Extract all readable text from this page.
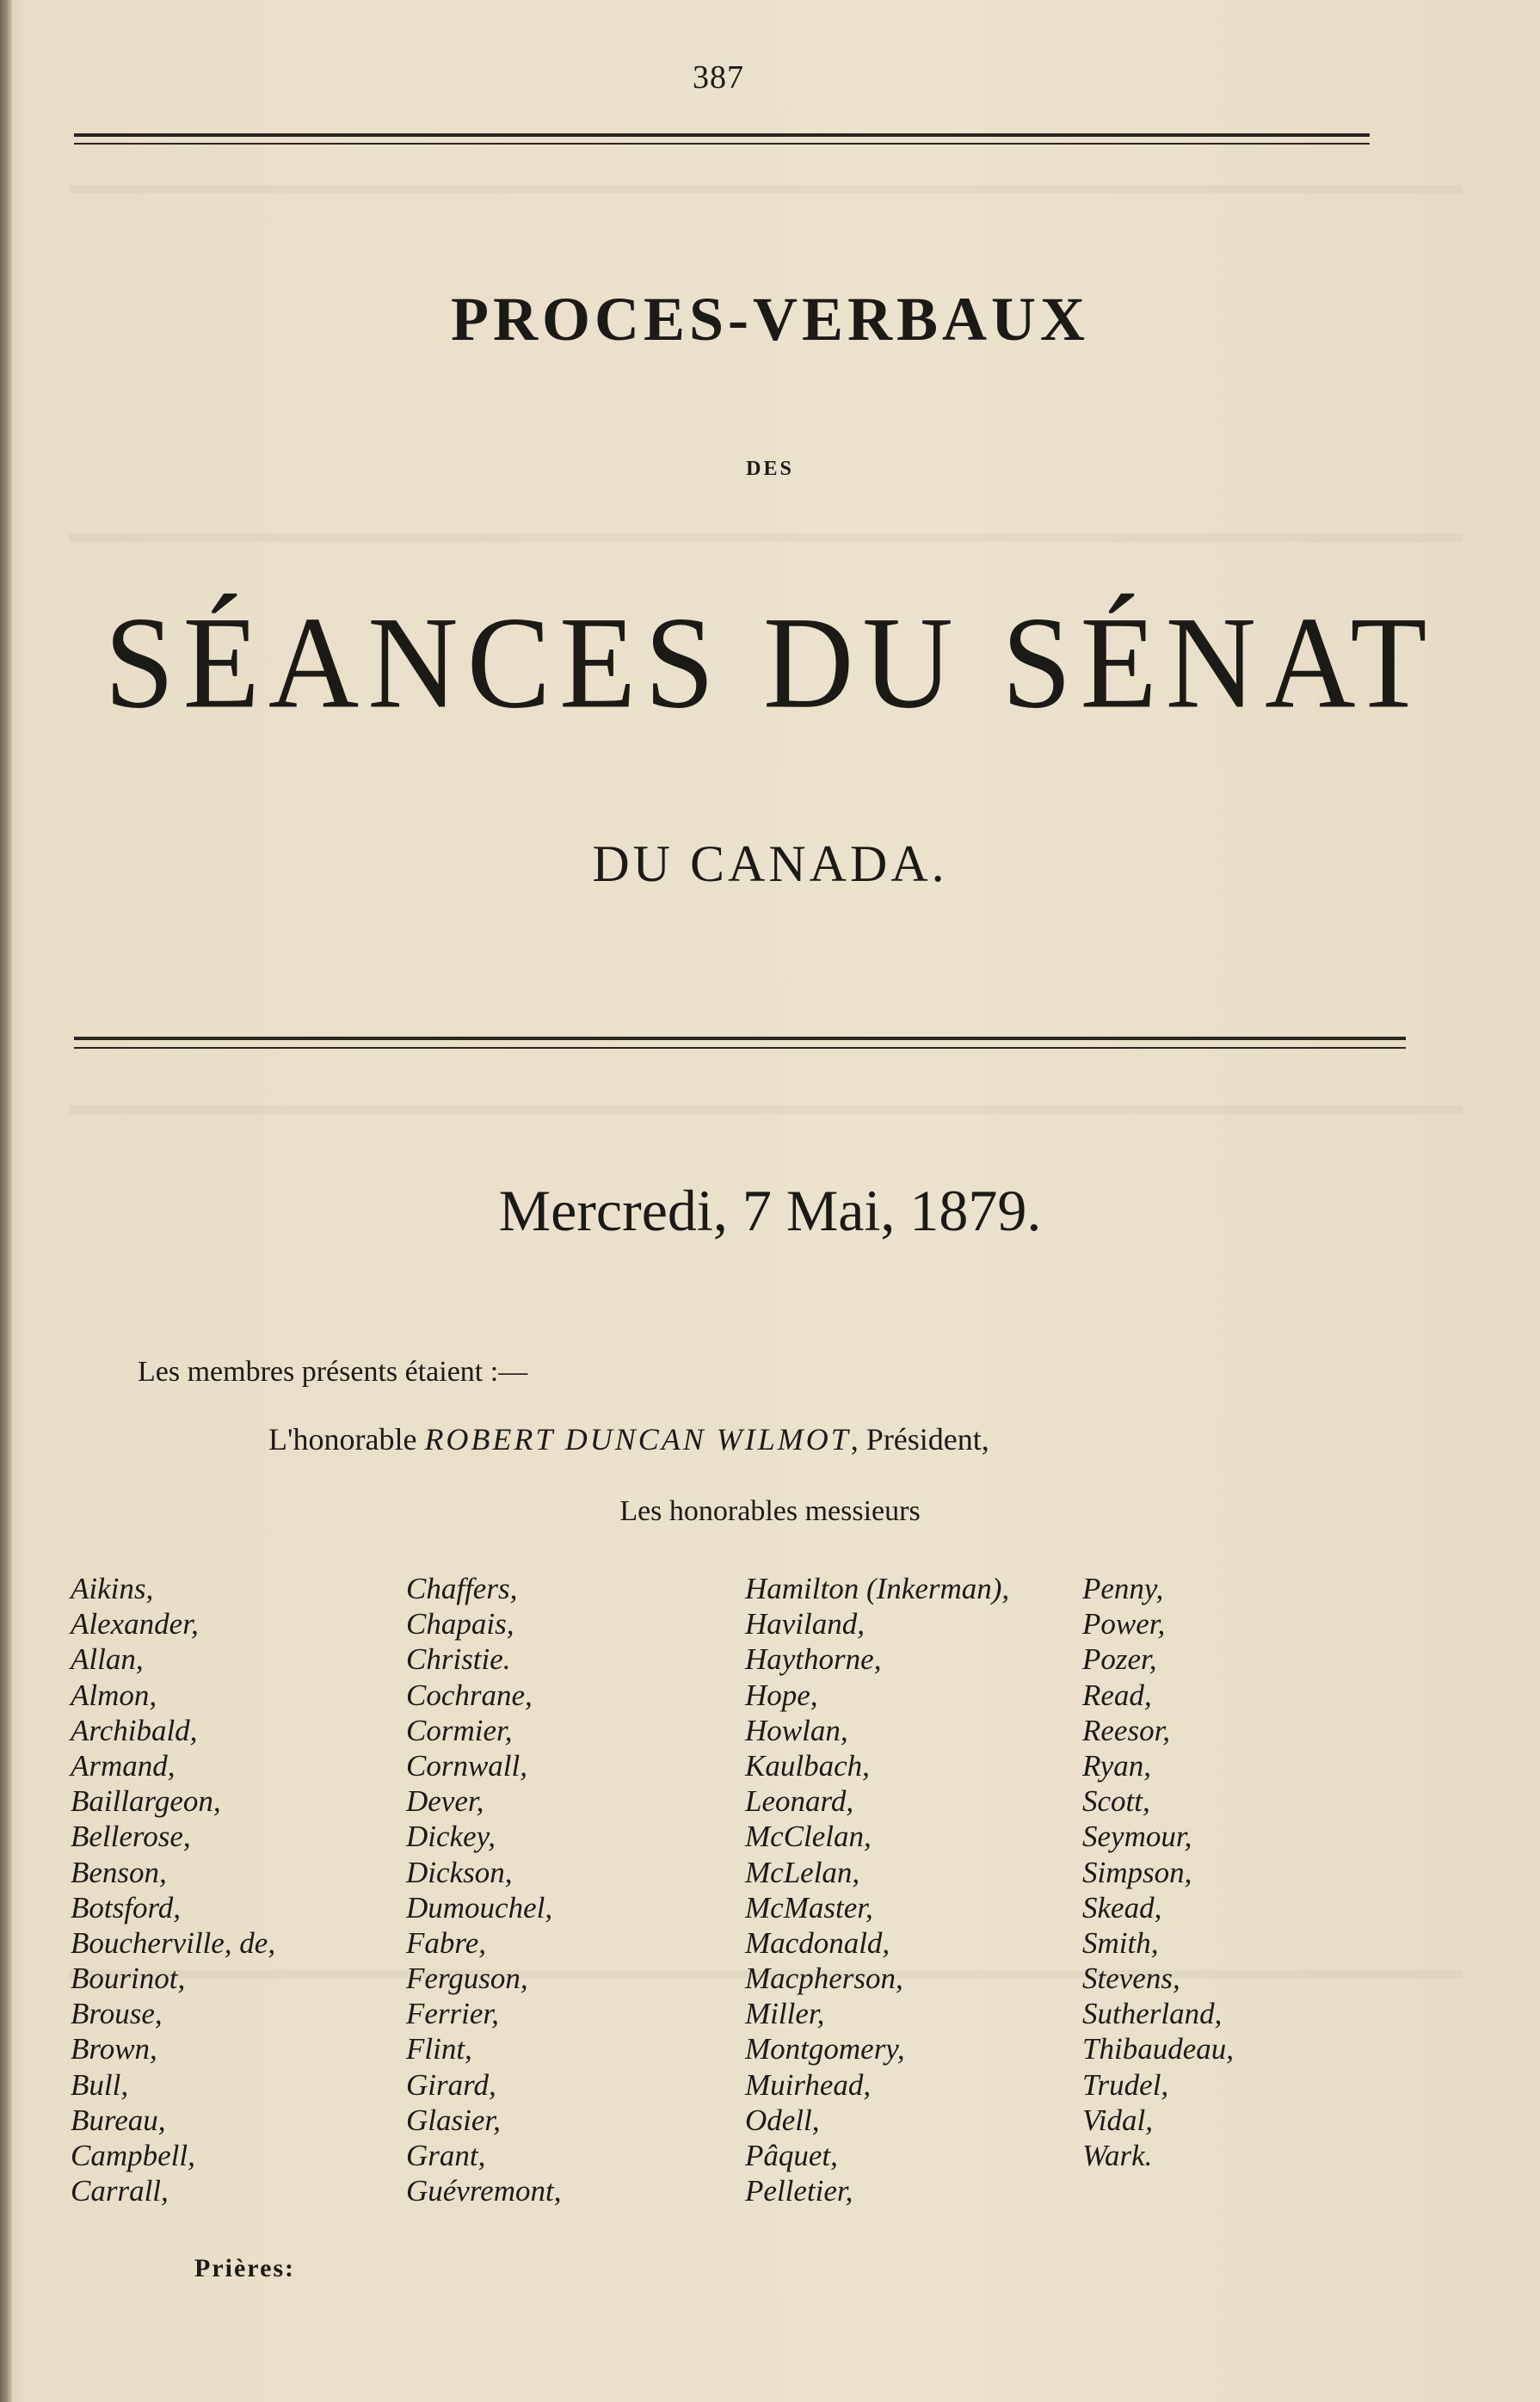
387
PROCES-VERBAUX
DES
SÉANCES DU SÉNAT
DU CANADA.
Mercredi, 7 Mai, 1879.
Les membres présents étaient :—
L'honorable ROBERT DUNCAN WILMOT, Président,
Les honorables messieurs
Aikins,
Alexander,
Allan,
Almon,
Archibald,
Armand,
Baillargeon,
Bellerose,
Benson,
Botsford,
Boucherville, de,
Bourinot,
Brouse,
Brown,
Bull,
Bureau,
Campbell,
Carrall,
Chaffers,
Chapais,
Christie.
Cochrane,
Cormier,
Cornwall,
Dever,
Dickey,
Dickson,
Dumouchel,
Fabre,
Ferguson,
Ferrier,
Flint,
Girard,
Glasier,
Grant,
Guévremont,
Hamilton (Inkerman),
Haviland,
Haythorne,
Hope,
Howlan,
Kaulbach,
Leonard,
McClelan,
McLelan,
McMaster,
Macdonald,
Macpherson,
Miller,
Montgomery,
Muirhead,
Odell,
Pâquet,
Pelletier,
Penny,
Power,
Pozer,
Read,
Reesor,
Ryan,
Scott,
Seymour,
Simpson,
Skead,
Smith,
Stevens,
Sutherland,
Thibaudeau,
Trudel,
Vidal,
Wark.
Prières:
